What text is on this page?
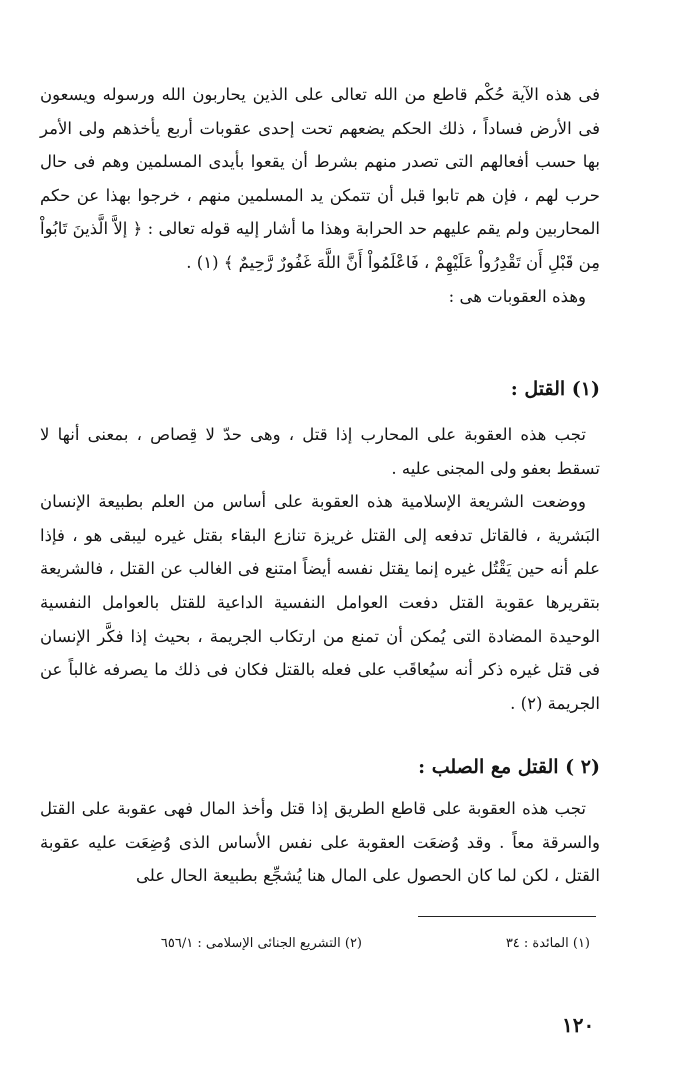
فى هذه الآية حُكْم قاطع من الله تعالى على الذين يحاربون الله ورسوله ويسعون فى الأرض فساداً ، ذلك الحكم يضعهم تحت إحدى عقوبات أربع يأخذهم ولى الأمر بها حسب أفعالهم التى تصدر منهم بشرط أن يقعوا بأيدى المسلمين وهم فى حال حرب لهم ، فإن هم تابوا قبل أن تتمكن يد المسلمين منهم ، خرجوا بهذا عن حكم المحاربين ولم يقم عليهم حد الحرابة وهذا ما أشار إليه قوله تعالى : ﴿ إلاَّ الَّذينَ تَابُواْ مِن قَبْلِ أَن تَقْدِرُواْ عَلَيْهِمْ ، فَاعْلَمُواْ أَنَّ اللَّهَ غَفُورٌ رَّحِيمٌ ﴾ (١) .

وهذه العقوبات هى :

(١) القتل :

تجب هذه العقوبة على المحارب إذا قتل ، وهى حدّ لا قِصاص ، بمعنى أنها لا تسقط بعفو ولى المجنى عليه .

ووضعت الشريعة الإسلامية هذه العقوبة على أساس من العلم بطبيعة الإنسان البَشرية ، فالقاتل تدفعه إلى القتل غريزة تنازع البقاء بقتل غيره ليبقى هو ، فإذا علم أنه حين يَقْتُل غيره إنما يقتل نفسه أيضاً امتنع فى الغالب عن القتل ، فالشريعة بتقريرها عقوبة القتل دفعت العوامل النفسية الداعية للقتل بالعوامل النفسية الوحيدة المضادة التى يُمكن أن تمنع من ارتكاب الجريمة ، بحيث إذا فكَّر الإنسان فى قتل غيره ذكر أنه سيُعاقَب على فعله بالقتل فكان فى ذلك ما يصرفه غالباً عن الجريمة (٢) .

(٢ ) القتل مع الصلب :

تجب هذه العقوبة على قاطع الطريق إذا قتل وأخذ المال فهى عقوبة على القتل والسرقة معاً . وقد وُضعَت العقوبة على نفس الأساس الذى وُضِعَت عليه عقوبة القتل ، لكن لما كان الحصول على المال هنا يُشجِّع بطبيعة الحال على

(١) المائدة : ٣٤
(٢) التشريع الجنائى الإسلامى : ٦٥٦/١
١٢٠
